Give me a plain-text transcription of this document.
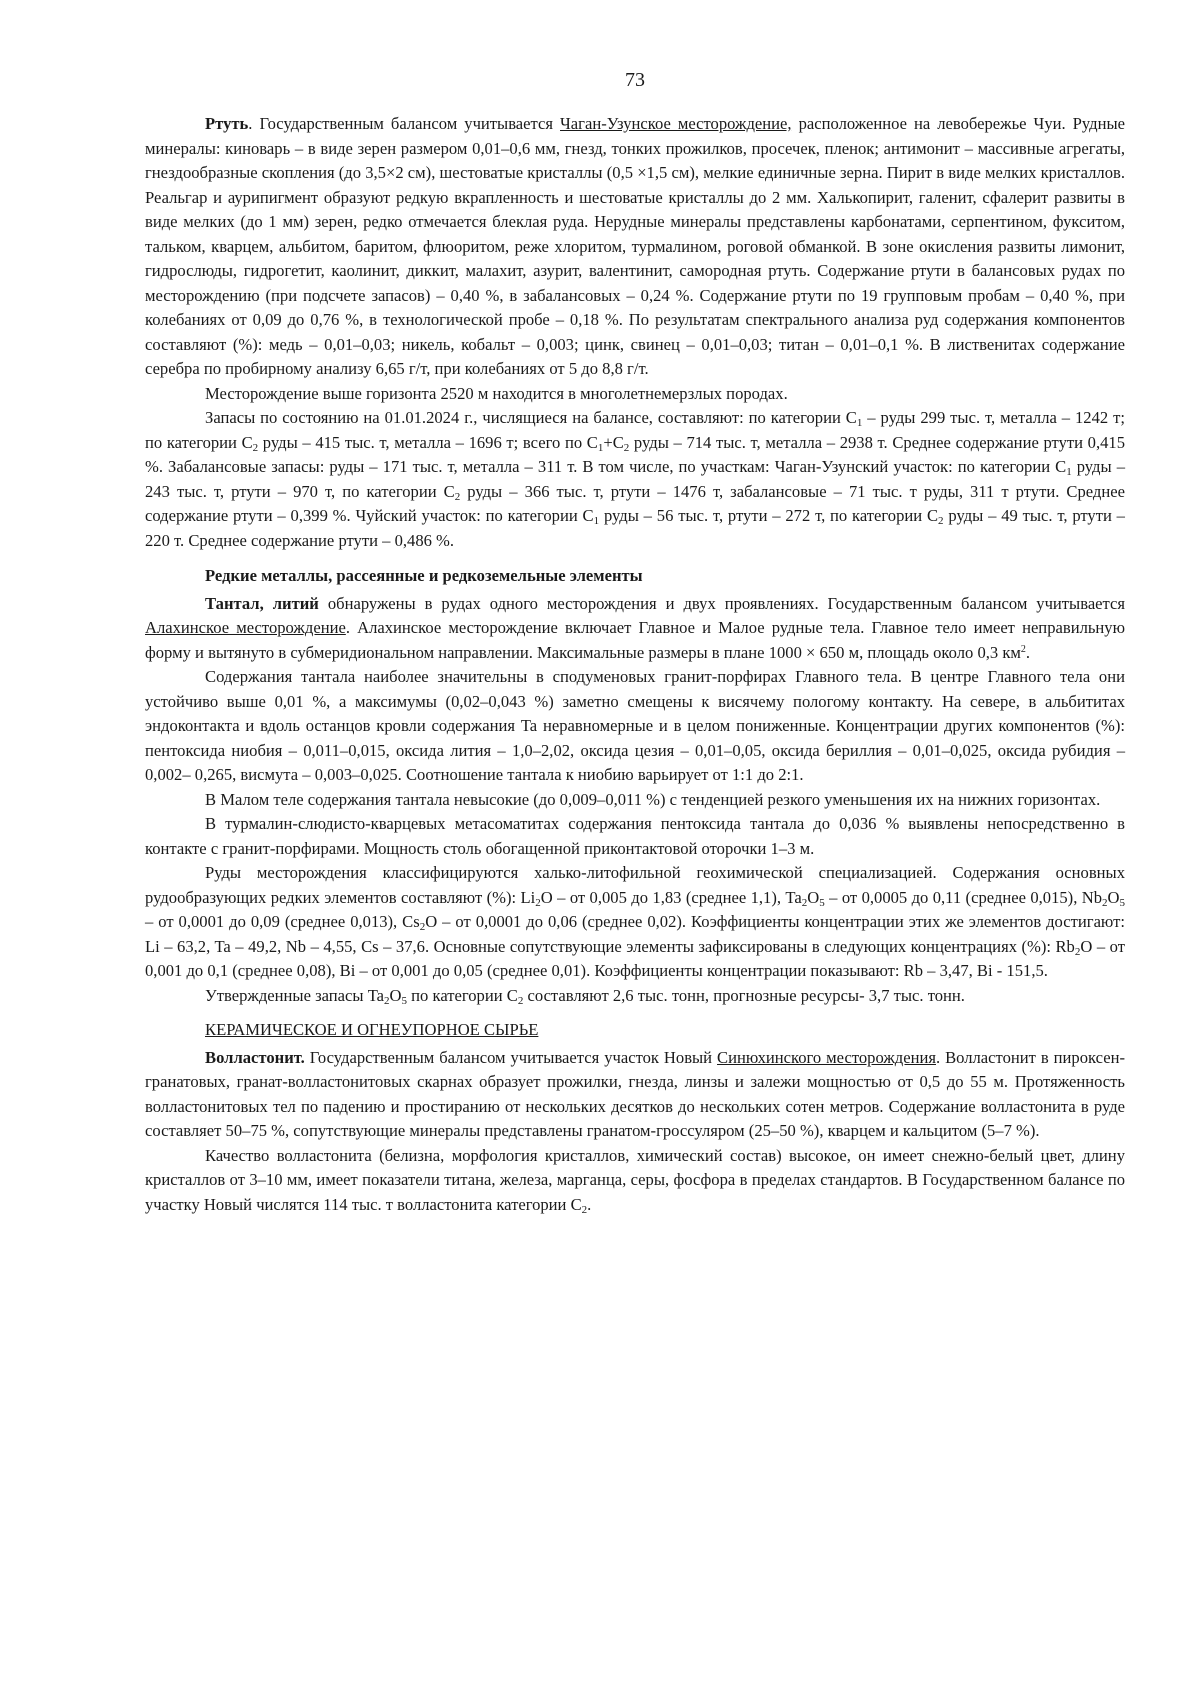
73

Ртуть. Государственным балансом учитывается Чаган-Узунское месторождение, расположенное на левобережье Чуи. Рудные минералы: киноварь – в виде зерен размером 0,01–0,6 мм, гнезд, тонких прожилков, просечек, пленок; антимонит – массивные агрегаты, гнездообразные скопления (до 3,5×2 см), шестоватые кристаллы (0,5 ×1,5 см), мелкие единичные зерна. Пирит в виде мелких кристаллов. Реальгар и аурипигмент образуют редкую вкрапленность и шестоватые кристаллы до 2 мм. Халькопирит, галенит, сфалерит развиты в виде мелких (до 1 мм) зерен, редко отмечается блеклая руда. Нерудные минералы представлены карбонатами, серпентином, фукситом, тальком, кварцем, альбитом, баритом, флюоритом, реже хлоритом, турмалином, роговой обманкой. В зоне окисления развиты лимонит, гидрослюды, гидрогетит, каолинит, диккит, малахит, азурит, валентинит, самородная ртуть. Содержание ртути в балансовых рудах по месторождению (при подсчете запасов) – 0,40 %, в забалансовых – 0,24 %. Содержание ртути по 19 групповым пробам – 0,40 %, при колебаниях от 0,09 до 0,76 %, в технологической пробе – 0,18 %. По результатам спектрального анализа руд содержания компонентов составляют (%): медь – 0,01–0,03; никель, кобальт – 0,003; цинк, свинец – 0,01–0,03; титан – 0,01–0,1 %. В лиственитах содержание серебра по пробирному анализу 6,65 г/т, при колебаниях от 5 до 8,8 г/т.

Месторождение выше горизонта 2520 м находится в многолетнемерзлых породах.

Запасы по состоянию на 01.01.2024 г., числящиеся на балансе, составляют: по категории $С_1$ – руды 299 тыс. т, металла – 1242 т; по категории $С_2$ руды – 415 тыс. т, металла – 1696 т; всего по $С_1+С_2$ руды – 714 тыс. т, металла – 2938 т. Среднее содержание ртути 0,415 %. Забалансовые запасы: руды – 171 тыс. т, металла – 311 т. В том числе, по участкам: Чаган-Узунский участок: по категории $С_1$ руды – 243 тыс. т, ртути – 970 т, по категории $С_2$ руды – 366 тыс. т, ртути – 1476 т, забалансовые – 71 тыс. т руды, 311 т ртути. Среднее содержание ртути – 0,399 %. Чуйский участок: по категории $С_1$ руды – 56 тыс. т, ртути – 272 т, по категории $С_2$ руды – 49 тыс. т, ртути – 220 т. Среднее содержание ртути – 0,486 %.

Редкие металлы, рассеянные и редкоземельные элементы

Тантал, литий обнаружены в рудах одного месторождения и двух проявлениях. Государственным балансом учитывается Алахинское месторождение. Алахинское месторождение включает Главное и Малое рудные тела. Главное тело имеет неправильную форму и вытянуто в субмеридиональном направлении. Максимальные размеры в плане 1000 × 650 м, площадь около 0,3 $км^2$.

Содержания тантала наиболее значительны в сподуменовых гранит-порфирах Главного тела. В центре Главного тела они устойчиво выше 0,01 %, а максимумы (0,02–0,043 %) заметно смещены к висячему пологому контакту. На севере, в альбититах эндоконтакта и вдоль останцов кровли содержания Ta неравномерные и в целом пониженные. Концентрации других компонентов (%): пентоксида ниобия – 0,011–0,015, оксида лития – 1,0–2,02, оксида цезия – 0,01–0,05, оксида бериллия – 0,01–0,025, оксида рубидия – 0,002– 0,265, висмута – 0,003–0,025. Соотношение тантала к ниобию варьирует от 1:1 до 2:1.

В Малом теле содержания тантала невысокие (до 0,009–0,011 %) с тенденцией резкого уменьшения их на нижних горизонтах.

В турмалин-слюдисто-кварцевых метасоматитах содержания пентоксида тантала до 0,036 % выявлены непосредственно в контакте с гранит-порфирами. Мощность столь обогащенной приконтактовой оторочки 1–3 м.

Руды месторождения классифицируются халько-литофильной геохимической специализацией. Содержания основных рудообразующих редких элементов составляют (%): $Li_2O$ – от 0,005 до 1,83 (среднее 1,1), $Ta_2O_5$ – от 0,0005 до 0,11 (среднее 0,015), $Nb_2O_5$ – от 0,0001 до 0,09 (среднее 0,013), $Cs_2O$ – от 0,0001 до 0,06 (среднее 0,02). Коэффициенты концентрации этих же элементов достигают: Li – 63,2, Ta – 49,2, Nb – 4,55, Cs – 37,6. Основные сопутствующие элементы зафиксированы в следующих концентрациях (%): $Rb_2O$ – от 0,001 до 0,1 (среднее 0,08), Bi – от 0,001 до 0,05 (среднее 0,01). Коэффициенты концентрации показывают: Rb – 3,47, Bi - 151,5.

Утвержденные запасы $Ta_2O_5$ по категории $С_2$ составляют 2,6 тыс. тонн, прогнозные ресурсы- 3,7 тыс. тонн.

КЕРАМИЧЕСКОЕ И ОГНЕУПОРНОЕ СЫРЬЕ

Волластонит. Государственным балансом учитывается участок Новый Синюхинского месторождения. Волластонит в пироксен-гранатовых, гранат-волластонитовых скарнах образует прожилки, гнезда, линзы и залежи мощностью от 0,5 до 55 м. Протяженность волластонитовых тел по падению и простиранию от нескольких десятков до нескольких сотен метров. Содержание волластонита в руде составляет 50–75 %, сопутствующие минералы представлены гранатом-гроссуляром (25–50 %), кварцем и кальцитом (5–7 %).

Качество волластонита (белизна, морфология кристаллов, химический состав) высокое, он имеет снежно-белый цвет, длину кристаллов от 3–10 мм, имеет показатели титана, железа, марганца, серы, фосфора в пределах стандартов. В Государственном балансе по участку Новый числятся 114 тыс. т волластонита категории $С_2$.
